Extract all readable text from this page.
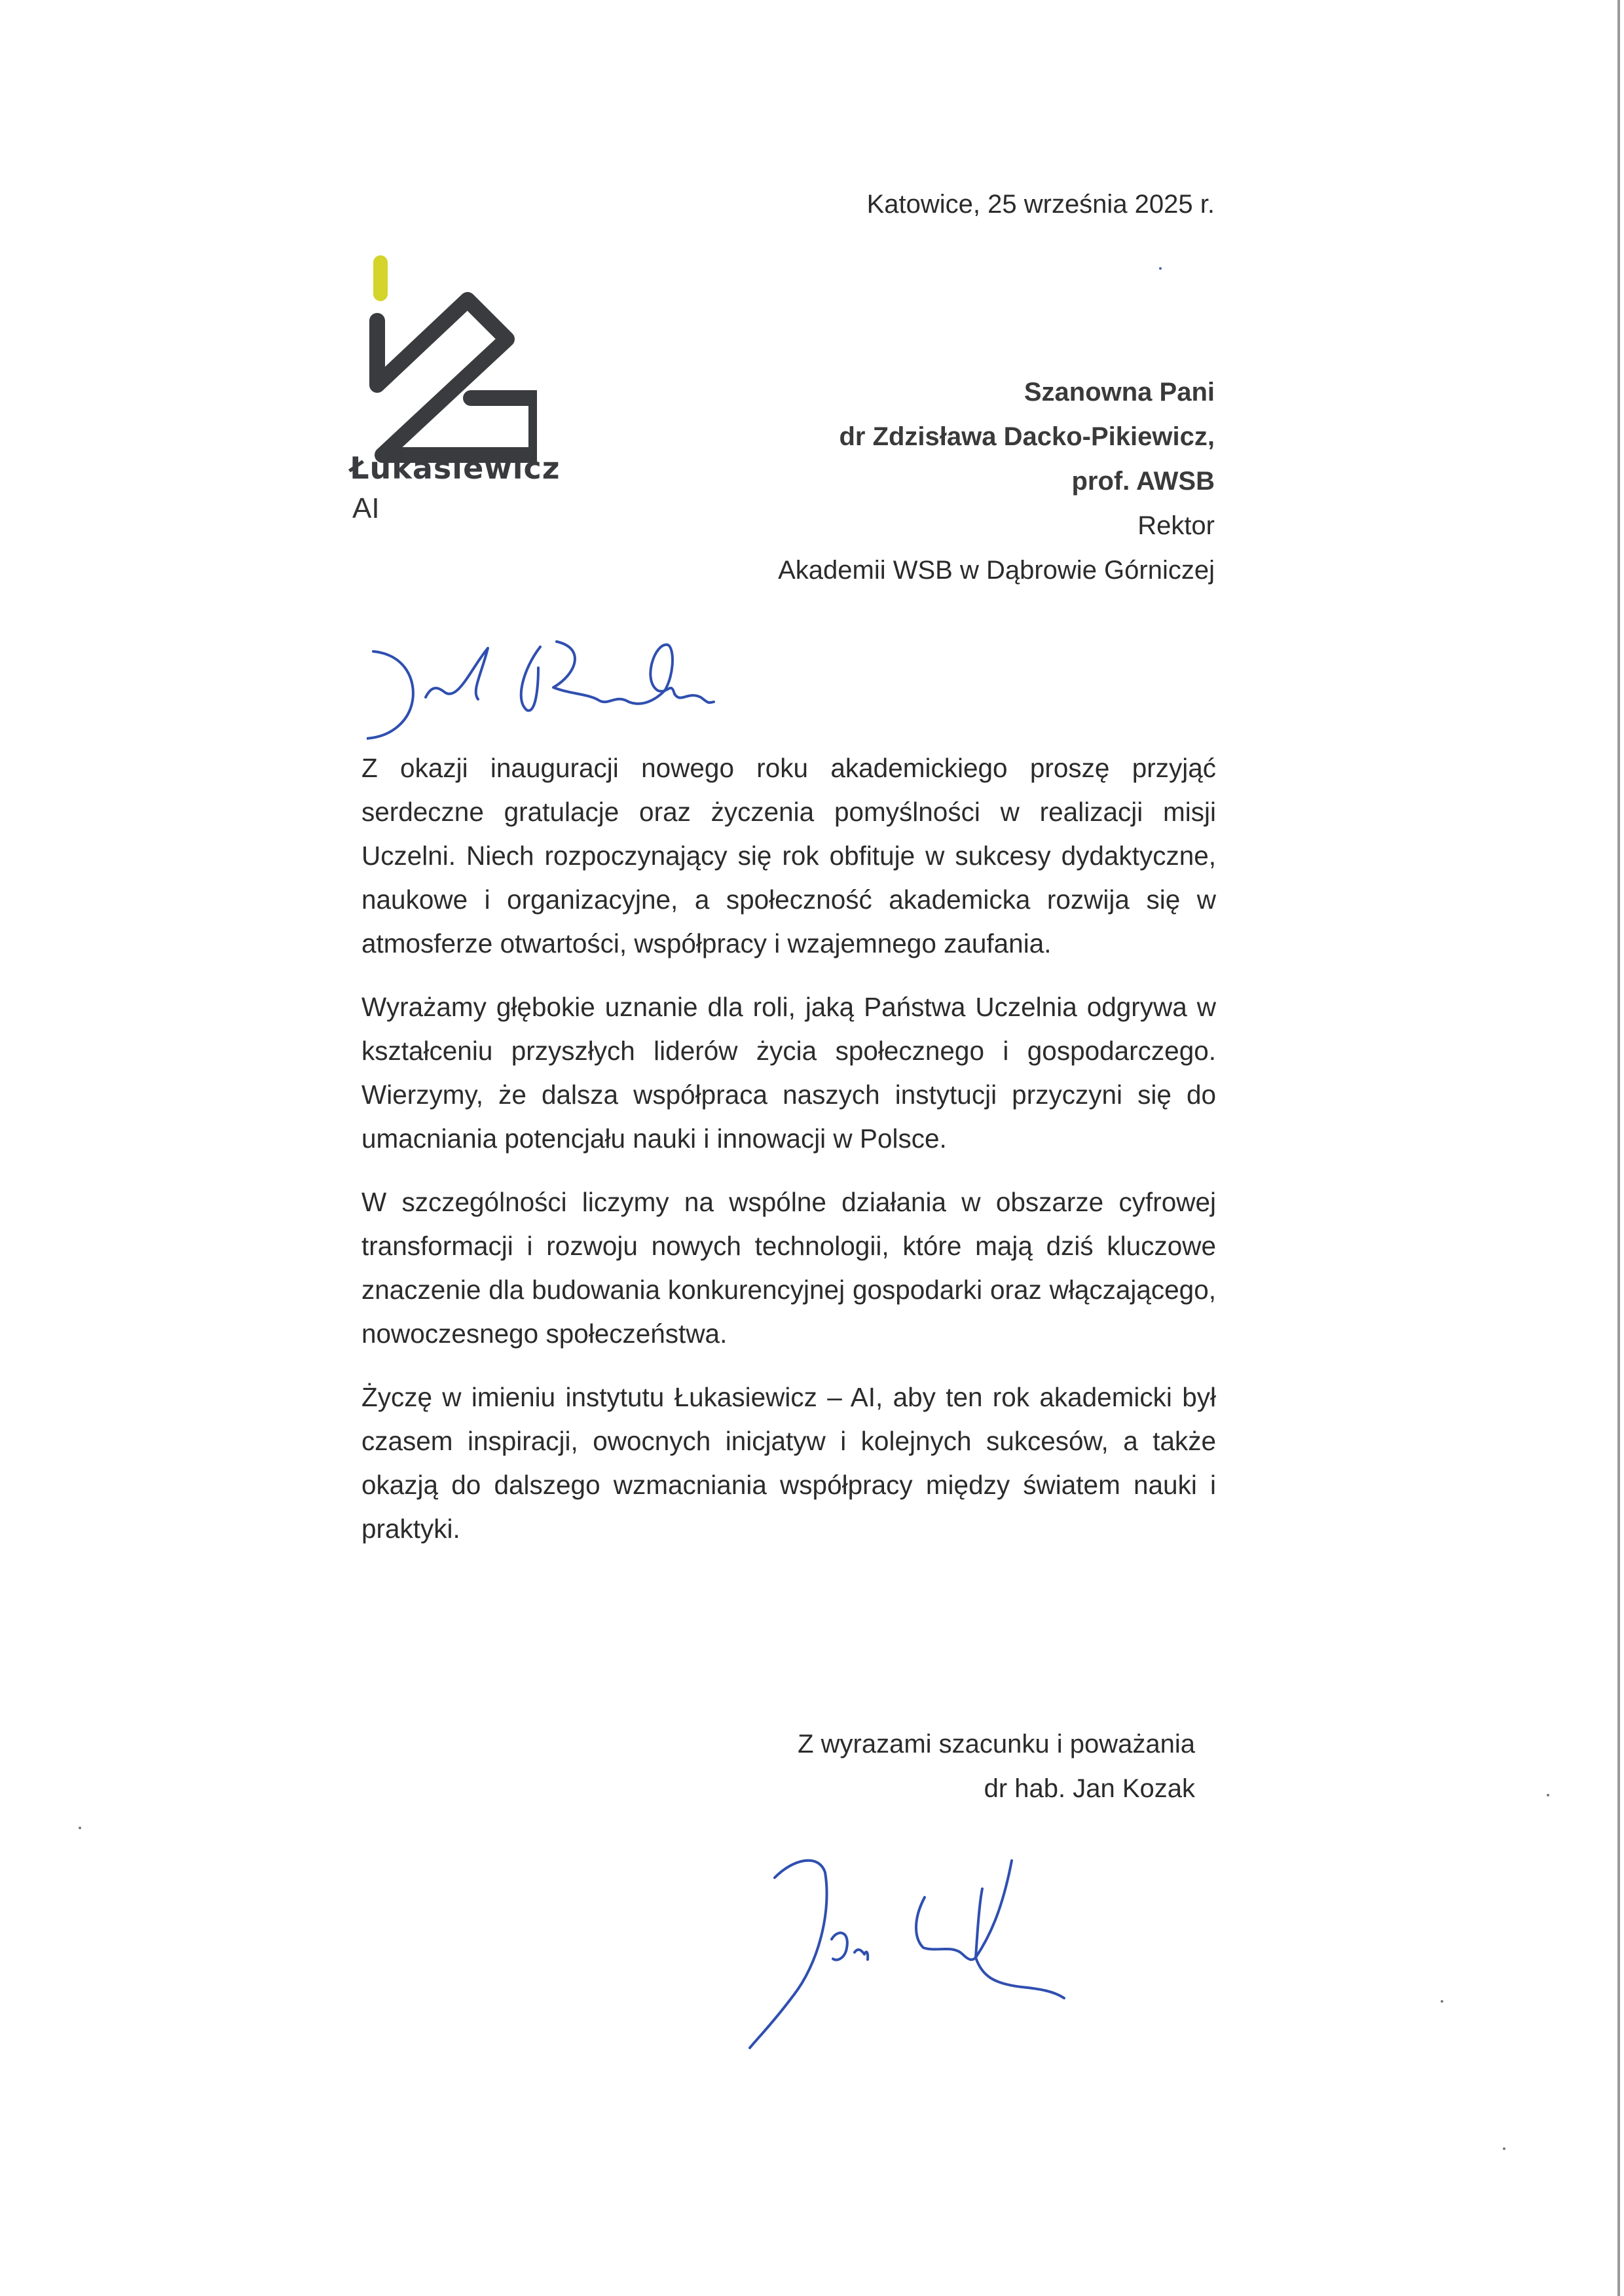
Łukasiewicz
AI
Katowice, 25 września 2025 r.
Szanowna Pani
dr Zdzisława Dacko-Pikiewicz,
prof. AWSB
Rektor
Akademii WSB w Dąbrowie Górniczej

Z okazji inauguracji nowego roku akademickiego proszę przyjąć serdeczne gratulacje oraz życzenia pomyślności w realizacji misji Uczelni. Niech rozpoczynający się rok obfituje w sukcesy dydaktyczne, naukowe i organizacyjne, a społeczność akademicka rozwija się w atmosferze otwartości, współpracy i wzajemnego zaufania.

Wyrażamy głębokie uznanie dla roli, jaką Państwa Uczelnia odgrywa w kształceniu przyszłych liderów życia społecznego i gospodarczego. Wierzymy, że dalsza współpraca naszych instytucji przyczyni się do umacniania potencjału nauki i innowacji w Polsce.

W szczególności liczymy na wspólne działania w obszarze cyfrowej transformacji i rozwoju nowych technologii, które mają dziś kluczowe znaczenie dla budowania konkurencyjnej gospodarki oraz włączającego, nowoczesnego społeczeństwa.

Życzę w imieniu instytutu Łukasiewicz – AI, aby ten rok akademicki był czasem inspiracji, owocnych inicjatyw i kolejnych sukcesów, a także okazją do dalszego wzmacniania współpracy między światem nauki i praktyki.

Z wyrazami szacunku i poważania
dr hab. Jan Kozak
